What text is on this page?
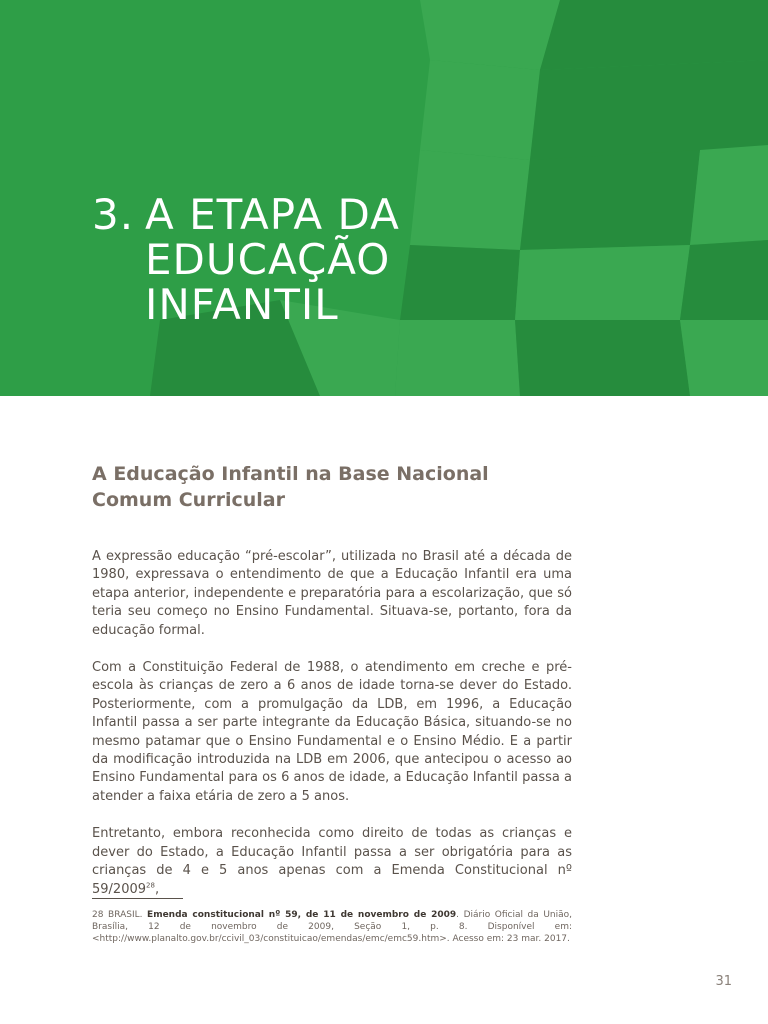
3. A ETAPA DA
EDUCAÇÃO
INFANTIL
A Educação Infantil na Base Nacional Comum Curricular

A expressão educação “pré-escolar”, utilizada no Brasil até a década de 1980, expressava o entendimento de que a Educação Infantil era uma etapa anterior, independente e preparatória para a escolarização, que só teria seu começo no Ensino Fundamental. Situava-se, portanto, fora da educação formal.

Com a Constituição Federal de 1988, o atendimento em creche e pré-escola às crianças de zero a 6 anos de idade torna-se dever do Estado. Posteriormente, com a promulgação da LDB, em 1996, a Educação Infantil passa a ser parte integrante da Educação Básica, situando-se no mesmo patamar que o Ensino Fundamental e o Ensino Médio. E a partir da modificação introduzida na LDB em 2006, que antecipou o acesso ao Ensino Fundamental para os 6 anos de idade, a Educação Infantil passa a atender a faixa etária de zero a 5 anos.

Entretanto, embora reconhecida como direito de todas as crianças e dever do Estado, a Educação Infantil passa a ser obrigatória para as crianças de 4 e 5 anos apenas com a Emenda Constitucional nº 59/2009$^{28}$,

28 BRASIL. Emenda constitucional nº 59, de 11 de novembro de 2009. Diário Oficial da União, Brasília, 12 de novembro de 2009, Seção 1, p. 8. Disponível em: <http://www.planalto.gov.br/ccivil_03/constituicao/emendas/emc/emc59.htm>. Acesso em: 23 mar. 2017.

31
